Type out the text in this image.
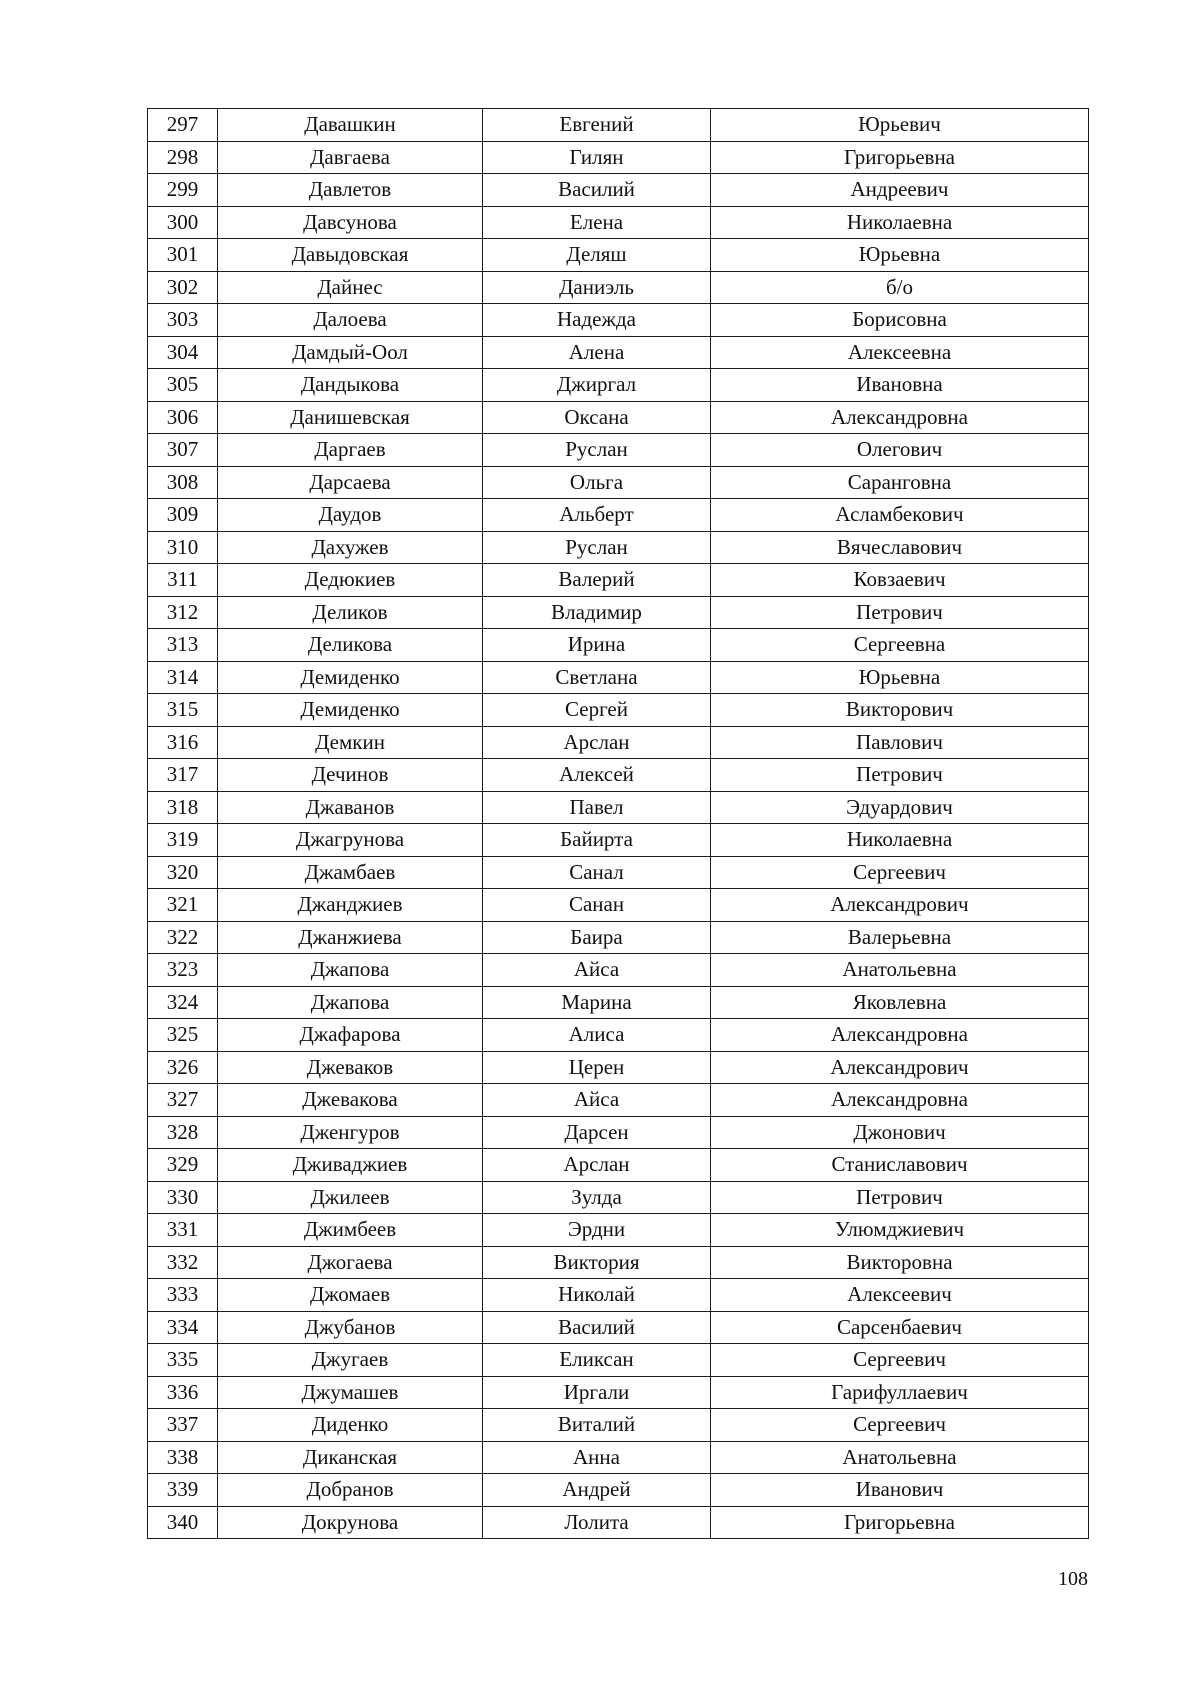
297	Давашкин	Евгений	Юрьевич
298	Давгаева	Гилян	Григорьевна
299	Давлетов	Василий	Андреевич
300	Давсунова	Елена	Николаевна
301	Давыдовская	Деляш	Юрьевна
302	Дайнес	Даниэль	б/о
303	Далоева	Надежда	Борисовна
304	Дамдый-Оол	Алена	Алексеевна
305	Дандыкова	Джиргал	Ивановна
306	Данишевская	Оксана	Александровна
307	Даргаев	Руслан	Олегович
308	Дарсаева	Ольга	Саранговна
309	Даудов	Альберт	Асламбекович
310	Дахужев	Руслан	Вячеславович
311	Дедюкиев	Валерий	Ковзаевич
312	Деликов	Владимир	Петрович
313	Деликова	Ирина	Сергеевна
314	Демиденко	Светлана	Юрьевна
315	Демиденко	Сергей	Викторович
316	Демкин	Арслан	Павлович
317	Дечинов	Алексей	Петрович
318	Джаванов	Павел	Эдуардович
319	Джагрунова	Байирта	Николаевна
320	Джамбаев	Санал	Сергеевич
321	Джанджиев	Санан	Александрович
322	Джанжиева	Баира	Валерьевна
323	Джапова	Айса	Анатольевна
324	Джапова	Марина	Яковлевна
325	Джафарова	Алиса	Александровна
326	Джеваков	Церен	Александрович
327	Джевакова	Айса	Александровна
328	Дженгуров	Дарсен	Джонович
329	Дживаджиев	Арслан	Станиславович
330	Джилеев	Зулда	Петрович
331	Джимбеев	Эрдни	Улюмджиевич
332	Джогаева	Виктория	Викторовна
333	Джомаев	Николай	Алексеевич
334	Джубанов	Василий	Сарсенбаевич
335	Джугаев	Еликсан	Сергеевич
336	Джумашев	Иргали	Гарифуллаевич
337	Диденко	Виталий	Сергеевич
338	Диканская	Анна	Анатольевна
339	Добранов	Андрей	Иванович
340	Докрунова	Лолита	Григорьевна
108
